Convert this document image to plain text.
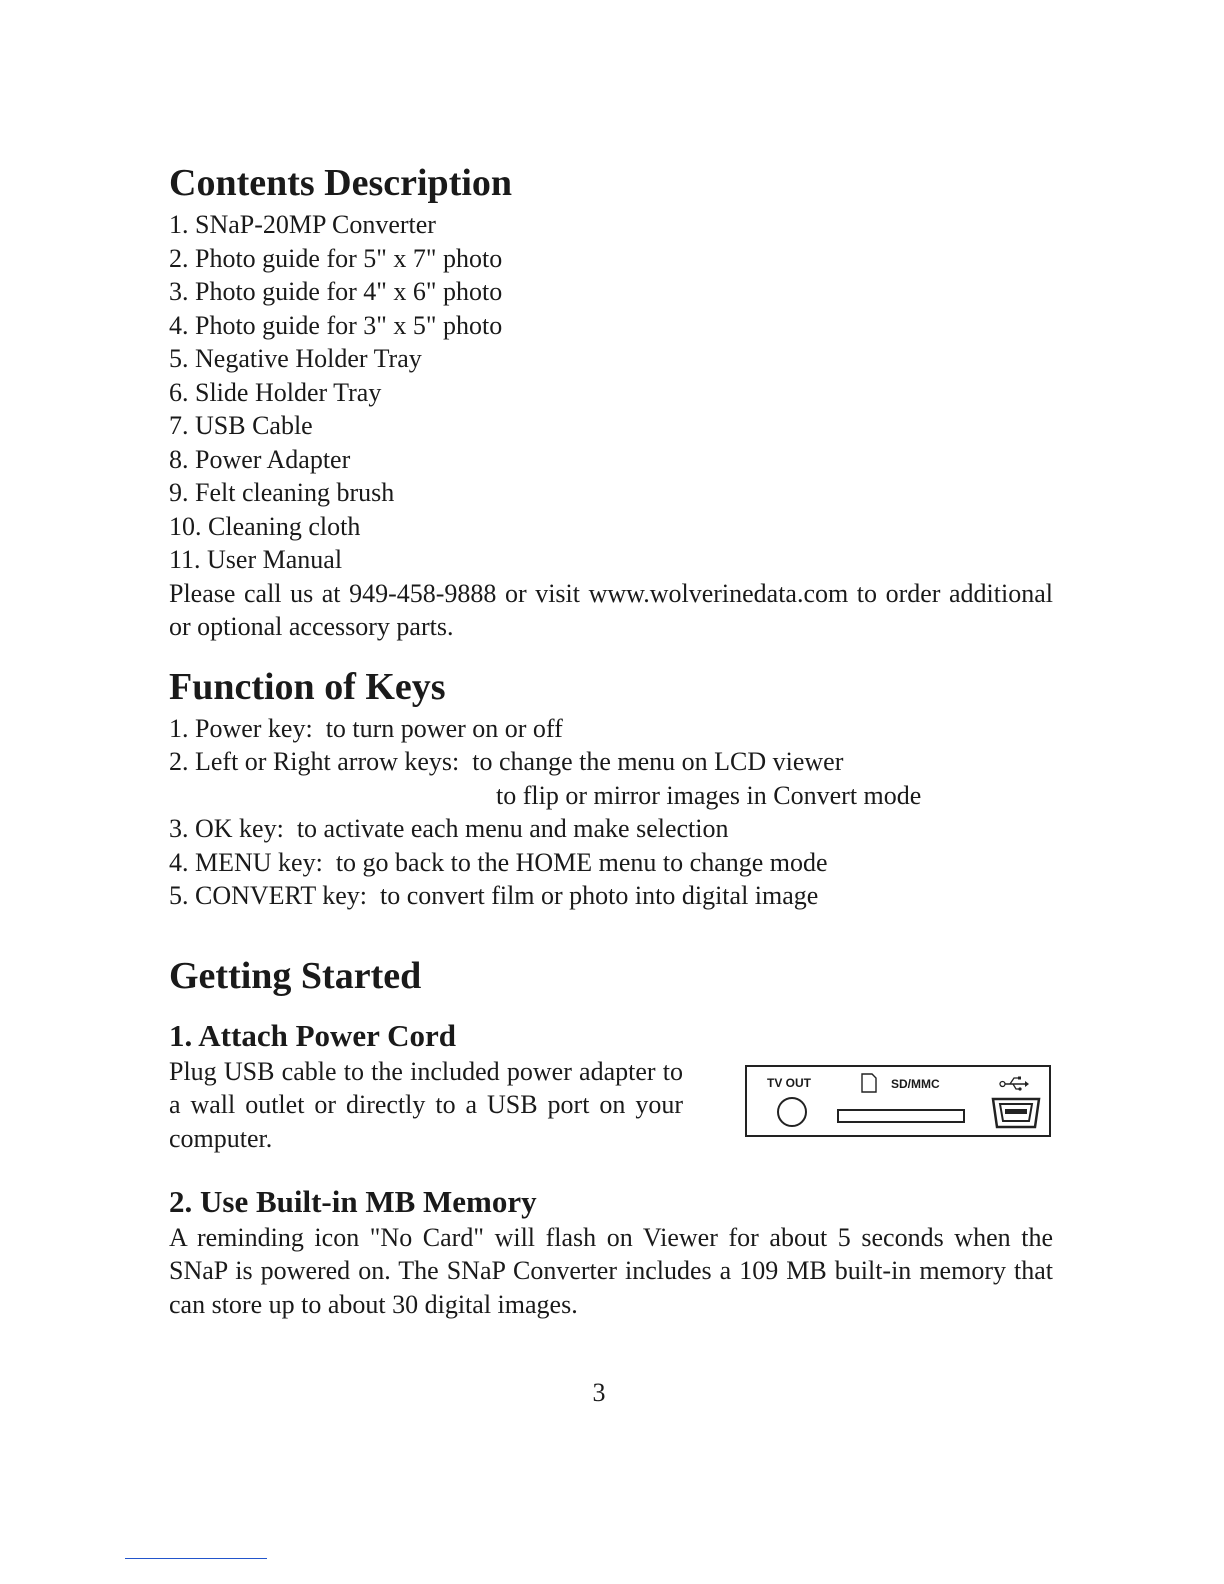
Contents Description
1. SNaP-20MP Converter
2. Photo guide for 5" x 7" photo
3. Photo guide for 4" x 6" photo
4. Photo guide for 3" x 5" photo
5. Negative Holder Tray
6. Slide Holder Tray
7. USB Cable
8. Power Adapter
9. Felt cleaning brush
10. Cleaning cloth
11. User Manual
Please call us at 949-458-9888 or visit www.wolverinedata.com to order additional or optional accessory parts.
Function of Keys
1. Power key:  to turn power on or off
2. Left or Right arrow keys:  to change the menu on LCD viewer
to flip or mirror images in Convert mode
3. OK key:  to activate each menu and make selection
4. MENU key:  to go back to the HOME menu to change mode
5. CONVERT key:  to convert film or photo into digital image
Getting Started
1. Attach Power Cord
Plug USB cable to the included power adapter to a wall outlet or directly to a USB port on your computer.
TV OUT	SD/MMC
2. Use Built-in MB Memory
A reminding icon "No Card" will flash on Viewer for about 5 seconds when the SNaP is powered on. The SNaP Converter includes a 109 MB built-in memory that can store up to about 30 digital images.
3
